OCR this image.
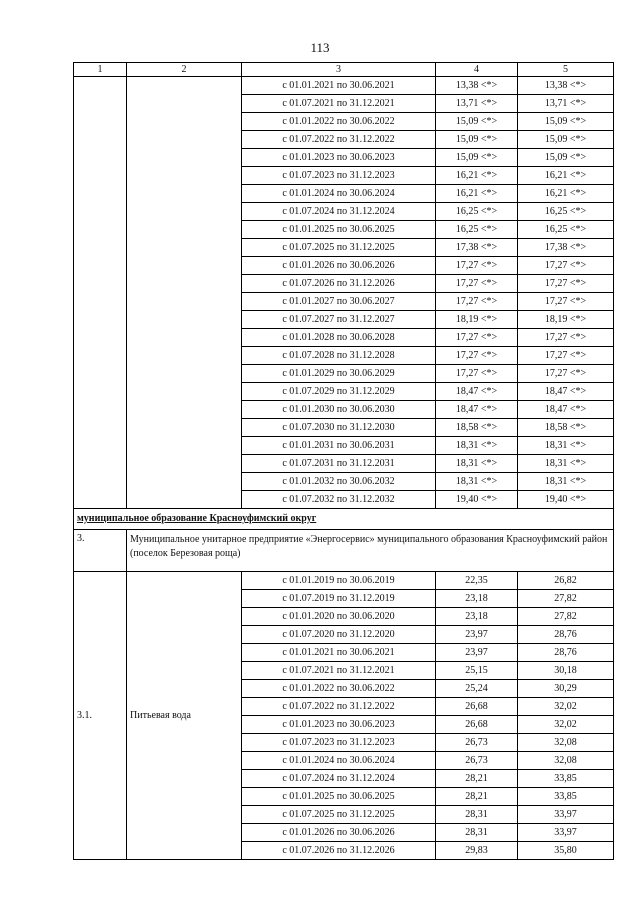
113
1	2	3	4	5
		с 01.01.2021 по 30.06.2021	13,38 <*>	13,38 <*>
		с 01.07.2021 по 31.12.2021	13,71 <*>	13,71 <*>
		с 01.01.2022 по 30.06.2022	15,09 <*>	15,09 <*>
		с 01.07.2022 по 31.12.2022	15,09 <*>	15,09 <*>
		с 01.01.2023 по 30.06.2023	15,09 <*>	15,09 <*>
		с 01.07.2023 по 31.12.2023	16,21 <*>	16,21 <*>
		с 01.01.2024 по 30.06.2024	16,21 <*>	16,21 <*>
		с 01.07.2024 по 31.12.2024	16,25 <*>	16,25 <*>
		с 01.01.2025 по 30.06.2025	16,25 <*>	16,25 <*>
		с 01.07.2025 по 31.12.2025	17,38 <*>	17,38 <*>
		с 01.01.2026 по 30.06.2026	17,27 <*>	17,27 <*>
		с 01.07.2026 по 31.12.2026	17,27 <*>	17,27 <*>
		с 01.01.2027 по 30.06.2027	17,27 <*>	17,27 <*>
		с 01.07.2027 по 31.12.2027	18,19 <*>	18,19 <*>
		с 01.01.2028 по 30.06.2028	17,27 <*>	17,27 <*>
		с 01.07.2028 по 31.12.2028	17,27 <*>	17,27 <*>
		с 01.01.2029 по 30.06.2029	17,27 <*>	17,27 <*>
		с 01.07.2029 по 31.12.2029	18,47 <*>	18,47 <*>
		с 01.01.2030 по 30.06.2030	18,47 <*>	18,47 <*>
		с 01.07.2030 по 31.12.2030	18,58 <*>	18,58 <*>
		с 01.01.2031 по 30.06.2031	18,31 <*>	18,31 <*>
		с 01.07.2031 по 31.12.2031	18,31 <*>	18,31 <*>
		с 01.01.2032 по 30.06.2032	18,31 <*>	18,31 <*>
		с 01.07.2032 по 31.12.2032	19,40 <*>	19,40 <*>
муниципальное образование Красноуфимский округ				
3.	Муниципальное унитарное предприятие «Энергосервис» муниципального образования Красноуфимский район (поселок Березовая роща)			
3.1.	Питьевая вода	с 01.01.2019 по 30.06.2019	22,35	26,82
		с 01.07.2019 по 31.12.2019	23,18	27,82
		с 01.01.2020 по 30.06.2020	23,18	27,82
		с 01.07.2020 по 31.12.2020	23,97	28,76
		с 01.01.2021 по 30.06.2021	23,97	28,76
		с 01.07.2021 по 31.12.2021	25,15	30,18
		с 01.01.2022 по 30.06.2022	25,24	30,29
		с 01.07.2022 по 31.12.2022	26,68	32,02
		с 01.01.2023 по 30.06.2023	26,68	32,02
		с 01.07.2023 по 31.12.2023	26,73	32,08
		с 01.01.2024 по 30.06.2024	26,73	32,08
		с 01.07.2024 по 31.12.2024	28,21	33,85
		с 01.01.2025 по 30.06.2025	28,21	33,85
		с 01.07.2025 по 31.12.2025	28,31	33,97
		с 01.01.2026 по 30.06.2026	28,31	33,97
		с 01.07.2026 по 31.12.2026	29,83	35,80
